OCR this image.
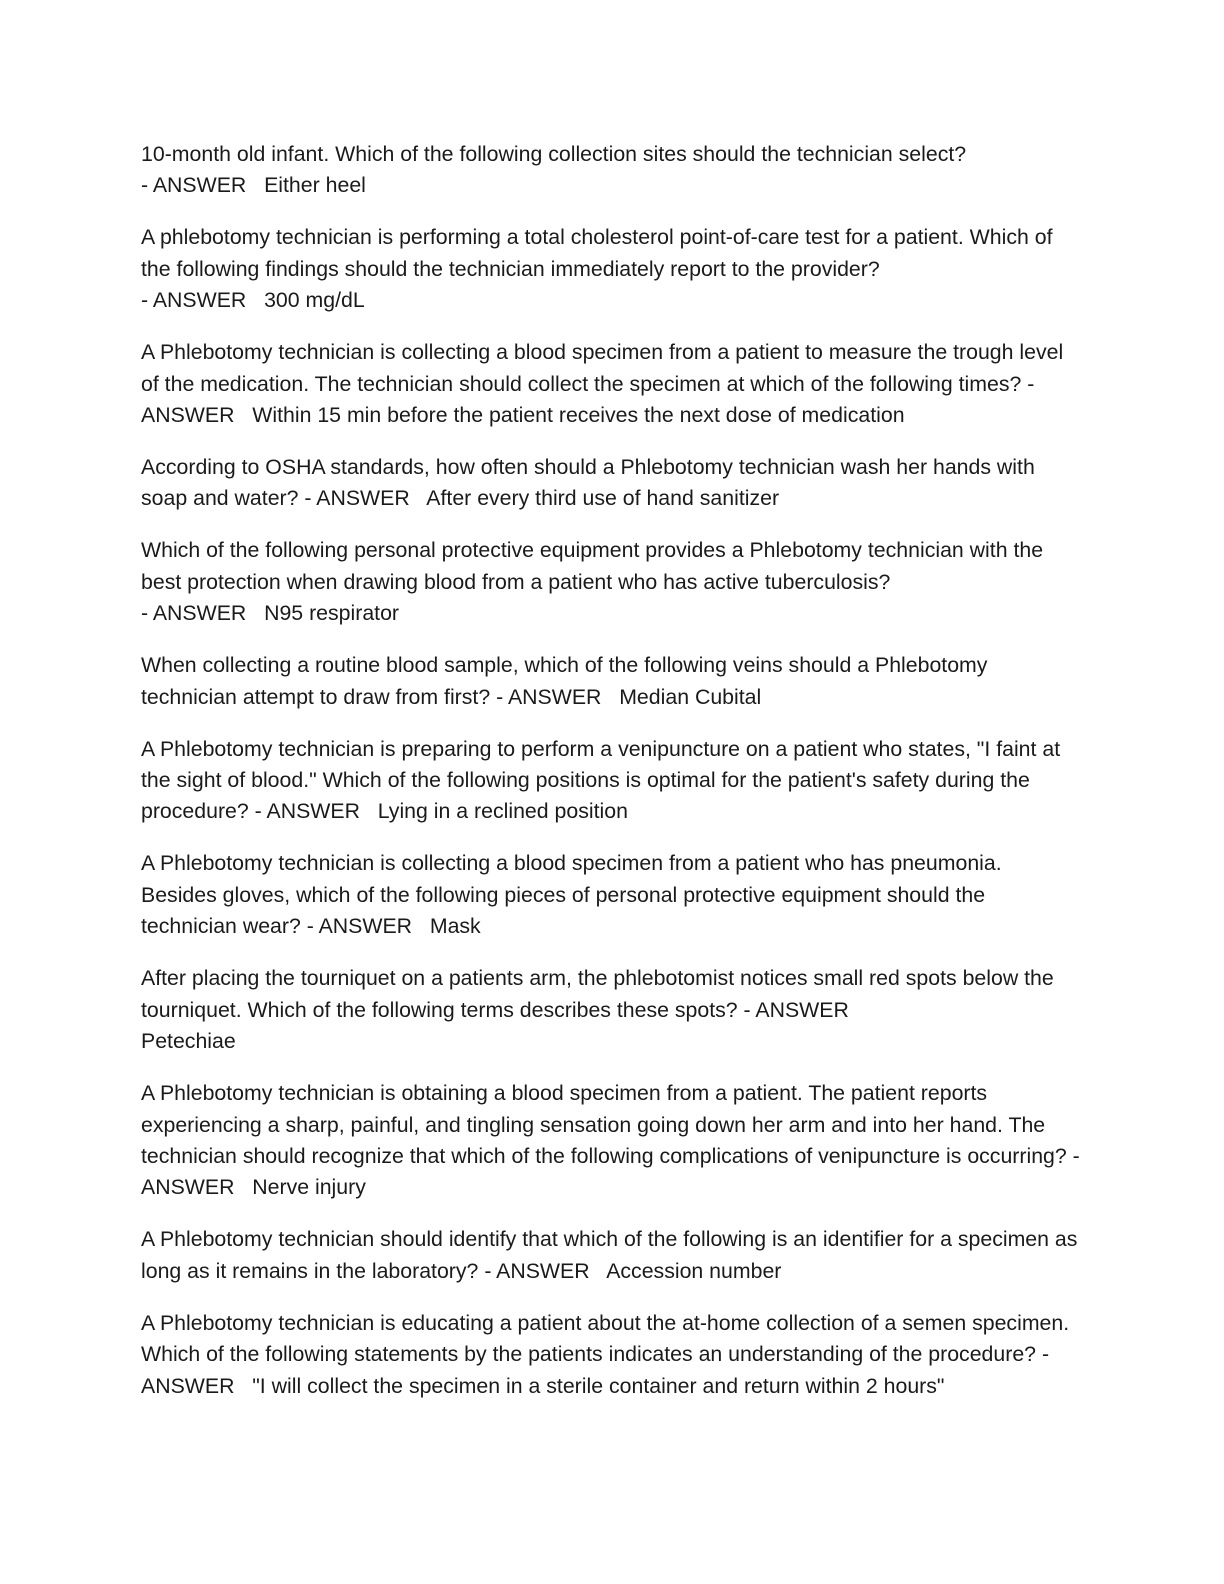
10-month old infant. Which of the following collection sites should the technician select?
- ANSWER Either heel

A phlebotomy technician is performing a total cholesterol point-of-care test for a patient. Which of the following findings should the technician immediately report to the provider?
- ANSWER 300 mg/dL

A Phlebotomy technician is collecting a blood specimen from a patient to measure the trough level of the medication. The technician should collect the specimen at which of the following times? - ANSWER Within 15 min before the patient receives the next dose of medication

According to OSHA standards, how often should a Phlebotomy technician wash her hands with soap and water? - ANSWER After every third use of hand sanitizer

Which of the following personal protective equipment provides a Phlebotomy technician with the best protection when drawing blood from a patient who has active tuberculosis?
- ANSWER N95 respirator

When collecting a routine blood sample, which of the following veins should a Phlebotomy technician attempt to draw from first? - ANSWER Median Cubital

A Phlebotomy technician is preparing to perform a venipuncture on a patient who states, "I faint at the sight of blood." Which of the following positions is optimal for the patient's safety during the procedure? - ANSWER Lying in a reclined position

A Phlebotomy technician is collecting a blood specimen from a patient who has pneumonia. Besides gloves, which of the following pieces of personal protective equipment should the technician wear? - ANSWER Mask

After placing the tourniquet on a patients arm, the phlebotomist notices small red spots below the tourniquet. Which of the following terms describes these spots? - ANSWER
Petechiae

A Phlebotomy technician is obtaining a blood specimen from a patient. The patient reports experiencing a sharp, painful, and tingling sensation going down her arm and into her hand. The technician should recognize that which of the following complications of venipuncture is occurring? - ANSWER Nerve injury

A Phlebotomy technician should identify that which of the following is an identifier for a specimen as long as it remains in the laboratory? - ANSWER Accession number

A Phlebotomy technician is educating a patient about the at-home collection of a semen specimen. Which of the following statements by the patients indicates an understanding of the procedure? - ANSWER "I will collect the specimen in a sterile container and return within 2 hours"
